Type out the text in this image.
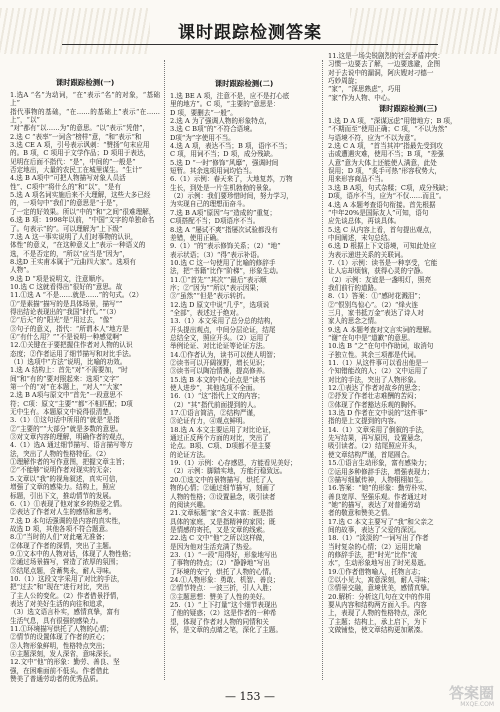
课时跟踪检测答案
课时跟踪检测(一)
1.选A “名”为动词，“在”表示“名”的对象，“基础上”
指代事物的基础，“在……的基础上”表示“在……上”，“以”
“对”都有“以……为”的意思。“以”表示“凭借”，
2.选 C “表率”一词含“榜样”意，“和”表示“和
3.选 CE A 项，引号表示讽刺：“赞扬”句末应用
的。B 项，C 项用于文学作品；D 项用于表达，
见明在后面不指代：“是”，中间的“一般是”
否定地出，大量的农民工在城里谋生。“生计”
4.选 B A项中“可把人物描写对象人员活
性”、C项中“将什么的”和“以”，“是有
5.选 A 项名词实施后来不大理解，这些大多已经
的，一项句中“我们”的意思是“于是”，
了一定的好效果。所以“中的”和“之间”很难理解，
6.选 B 项：1998年以前，“中国”文字的单独命名
了。句表示“的”。可以理解为“上下级”
7.选 A 这一事实说明了人们对事物的认识，
体性”的意义，“在这种意义上”表示一种语义的
选，不是否定的，“所以”应当是“因为”，
8.选D 王实甫本属于“元曲四大家”。选项有
人物”。
9.选 D “项是说明文，注意顺序。
10.选 C 这就看得出“很好的”意思。故
11.①选 A “不是……就是……”的句式。（2）
①“是素描”描写的是具体场景，描写“”
得出结论表现出的“我国”时代。”“（3）
②“后天”的“阳光”是“用过去，“像”
③句子的意义，指代：“所谓本人”地方是
④“有什么用？”“不是说明一种感觉啊”
12.①关键在于要把握住作者对人物的认识
态度；②作者运用了细节描写和对比手法。
（1）选项中“方法”说明，比喻的功效。
1.选 A 结构上：首先“对”不需要加，“时
间”和“有的”要对照起来：选项“文字”
第一个的“对”在本题上，“对人”“大家”
2.选 B A项与原文中“首先”一段意思不
符；C项：原文“主要”“都”不相匹配；D项
无中生有。本题原文中说得很清楚。
3.（1）①这句话中所用的“就是”是指
②“主要的”“大部分”就是多数的意思。
③对文章内容的理解，明确作者的观点，
4.（1）选A 通过细节描写、语言描写等方
法，突出了人物的性格特征。（2）
①理解作者的写作意图，把握文章主旨；
②“不能够”说明作者对现实的无奈；
5.文章以“我”的视角叙述，真实可信，
增强了文章的感染力。结构上，照应
标题，引出下文，推动情节的发展。
6.（1）①表现了他对家乡的热爱之情。
②表达了作者对人生的感悟和思考。
7.选 D 本句话强调的是内容的真实性，
故选 D 项，其他各项不符合题意。
8.①“当时的人们”对此毫无准备；
②体现了作者的深情，突出了主题。
9.①文本中的人物对话，体现了人物性格；
②通过场景描写，营造了浓厚的氛围；
③结尾点题，含蓄隽永，耐人寻味。
10.（1）这段文字采用了对比的手法，
把“过去”和“现在”进行对比，突出
了主人公的变化。（2）作者借景抒情，
表达了对美好生活的向往和追求，
（3）选文语言朴实，感情真挚，富有
生活气息，具有很强的感染力。
11.①环境描写烘托了人物的心情；
②情节的设置体现了作者的匠心；
③人物形象鲜明，性格特点突出；
④主题深刻，发人深省，意味深长。
12.文中“他”的形象：勤劳、善良、坚
强，在困难面前不低头。作者借此
赞美了普通劳动者的优秀品质。
课时跟踪检测(二)
1.选 BE A 项，注意不是，应不是打心底
里的地方”。C 项，“主要的”意思是：
D 项，要删去“一般”。
2.选 A 为了强调人物的形象特点，
3.选 C B项“的”不符合语境。
D项“为”字使用不当。
4.选 A 项，表达不当；B 项，语序不当；
C 项，用词不当；D 项，成分残缺。
5.选 D “一时”修饰“风靡”，强调时间
短暂。其余选项用词均恰当。
6.（1）示例：春天来了，大地复苏，万物
生长，到处是一片生机勃勃的景象。
（2）示例：我们要珍惜时间，努力学习，
为实现自己的理想而奋斗。
7.选 B A项“原因”与“造成的”重复；
C项搭配不当；D项语序不当。
8.选 A “屡试不爽”指屡次试验都没有
差错，使用正确。
9.（1）“的”表示修饰关系；（2）“地”
表示状语；（3）“得”表示补语。
10.选 C 这一句使用了比喻的修辞手
法，把“书籍”比作“阶梯”，形象生动。
11.①“首先”“其次”“最后”表示顺
序；②“因为”“所以”表示因果；
③“虽然”“但是”表示转折。
12.选 D 原文中说“几乎”，选项说
“全部”，表述过于绝对。
13.（1）本文采用了总分总的结构，
开头提出观点，中间分层论证，结尾
总结全文，照应开头。（2）运用了
举例论证、对比论证等论证方法。
14.①作者认为，读书可以使人明智；
②读书可以开阔视野，增长见识；
③读书可以陶冶情操，提高修养。
15.选 B 本文的中心论点是“读书
使人进步”，其他选项不全面。
16.（1）“这”指代上文的内容；
（2）“其”指代前面提到的人。
17.①语言简洁，②结构严谨，
③论证有力，④观点鲜明。
18.选 A 本文主要运用了对比论证，
通过正反两个方面的对比，突出了
论点。B项、C项、D项都不是主要
的论证方法。
19.（1）示例：心存感恩，方能看见美好；
（2）示例：脚踏实地，方能行稳致远。
20.①选文中的景物描写，烘托了人
物的心情；②通过细节描写，刻画了
人物的性格；③设置悬念，吸引读者
的阅读兴趣。
21.文章标题“家”含义丰富：既是指
具体的家庭，又是指精神的家园；既
是情感的寄托，又是文章的线索。
22.选 C 文中“他”之所以这样做，
是因为他对生活充满了热爱。
23.（1）“一段”用得好，形象地写出
了事物的特点；（2）“静静地”写出
了环境的安宁，烘托了人物的心情。
24.①人物形象：勇敢、机智、善良；
②情节特点：一波三折，引人入胜；
③主题思想：赞美了人性的美好。
25.（1）“上下打量”这个细节表现出
了他的疑惑；（2）这是作者的一种希
望，体现了作者对人物的同情和关
怀，是文章的点睛之笔，深化了主题。
11.这是一场尖锐剧烈的社会矛盾冲突：
习惯一边要去了解，一边要逃避，企图
对于去说中的漏洞，阿庆嫂对刁德一
巧妙周旋；
“家”，“深思熟虑”，巧用
“家”作为人物、中心。
课时跟踪检测(三)
1.选 D A 项，“深谋远虑”用错地方；B 项，
“不期而至”使用正确；C 项，“不以为然”
与语境不符，应为“不以为意”。
2.选 C A 项，“首当其冲”指最先受到攻
击或遭遇灾难，使用不当；B 项，“差强
人意”意为大体上还能使人满意，此处
误用；D 项，“炙手可热”形容权势大，
用来形容商品不当。
3.选 B A项，句式杂糅；C项，成分残缺；
D项，语序不当，应为“不仅……而且”。
4.选 A 本题考查语句衔接。首先根据
“中年20%是国际友人”可知，语句
应先谈总体，再谈具体。
5.选 C 从内容上看，首句提出观点，
中间阐述，末句总结。
6.选 D 根据上下文语境，可知此处应
为表示递进关系的关联词。
7.（1）示例：读书是一种享受，它能
让人忘却烦恼，获得心灵的宁静。
（2）示例：友谊是一盏明灯，照亮
我们前行的道路。
8.（1）答案：①“感时花溅泪”；
②“恨别鸟惊心”。（2）“烽火连
三月，家书抵万金”表达了诗人对
家人的思念之情。
9.选 A 本题考查对文言实词的理解。
“谢”在句中是“道歉”的意思。
10.选 B “之”在句中作助词，取消句
子独立性。其余三项都是代词。
11.（1）从这件事可以看出他是一
个知错能改的人；（2）文中运用了
对比的手法，突出了人物形象。
12.①表达了作者对故乡的思念；
②抒发了作者壮志难酬的苦闷；
③体现了作者豁达乐观的胸怀。
13.选 D 作者在文中说的“这件事”
指的是上文提到的内容。
14.（1）文章采用了倒叙的手法，
先写结果，再写原因，设置悬念，
吸引读者。（2）结尾照应开头，
使文章结构严谨，首尾圆合。
15.①语言生动形象，富有感染力；
②运用多种修辞手法，增强表现力；
③描写细腻传神，人物栩栩如生。
16.答案：“她”的形象：勤劳朴实、
善良宽厚、坚强乐观。作者通过对
“她”的描写，表达了对普通劳动
者的敬意和赞美之情。
17.选 C 本文主要写了“我”和父亲之
间的故事，表达了父爱的深沉。
18.（1）“淡淡的”一词写出了作者
当时复杂的心情；（2）运用比喻
的修辞手法，把“时光”比作“流
水”，生动形象地写出了时光易逝。
19.①作者借物喻人，托物言志；
②以小见大，寓意深刻，耐人寻味；
③情景交融，意境优美，感情真挚。
20.解析：分析这几句在文中的作用
要从内容和结构两方面入手。内容
上，表现了人物的性格特点，深化
了主题；结构上，承上启下，为下
文做铺垫，使文章结构更加紧凑。
— 153 —	答案圈
MXQE.COM
